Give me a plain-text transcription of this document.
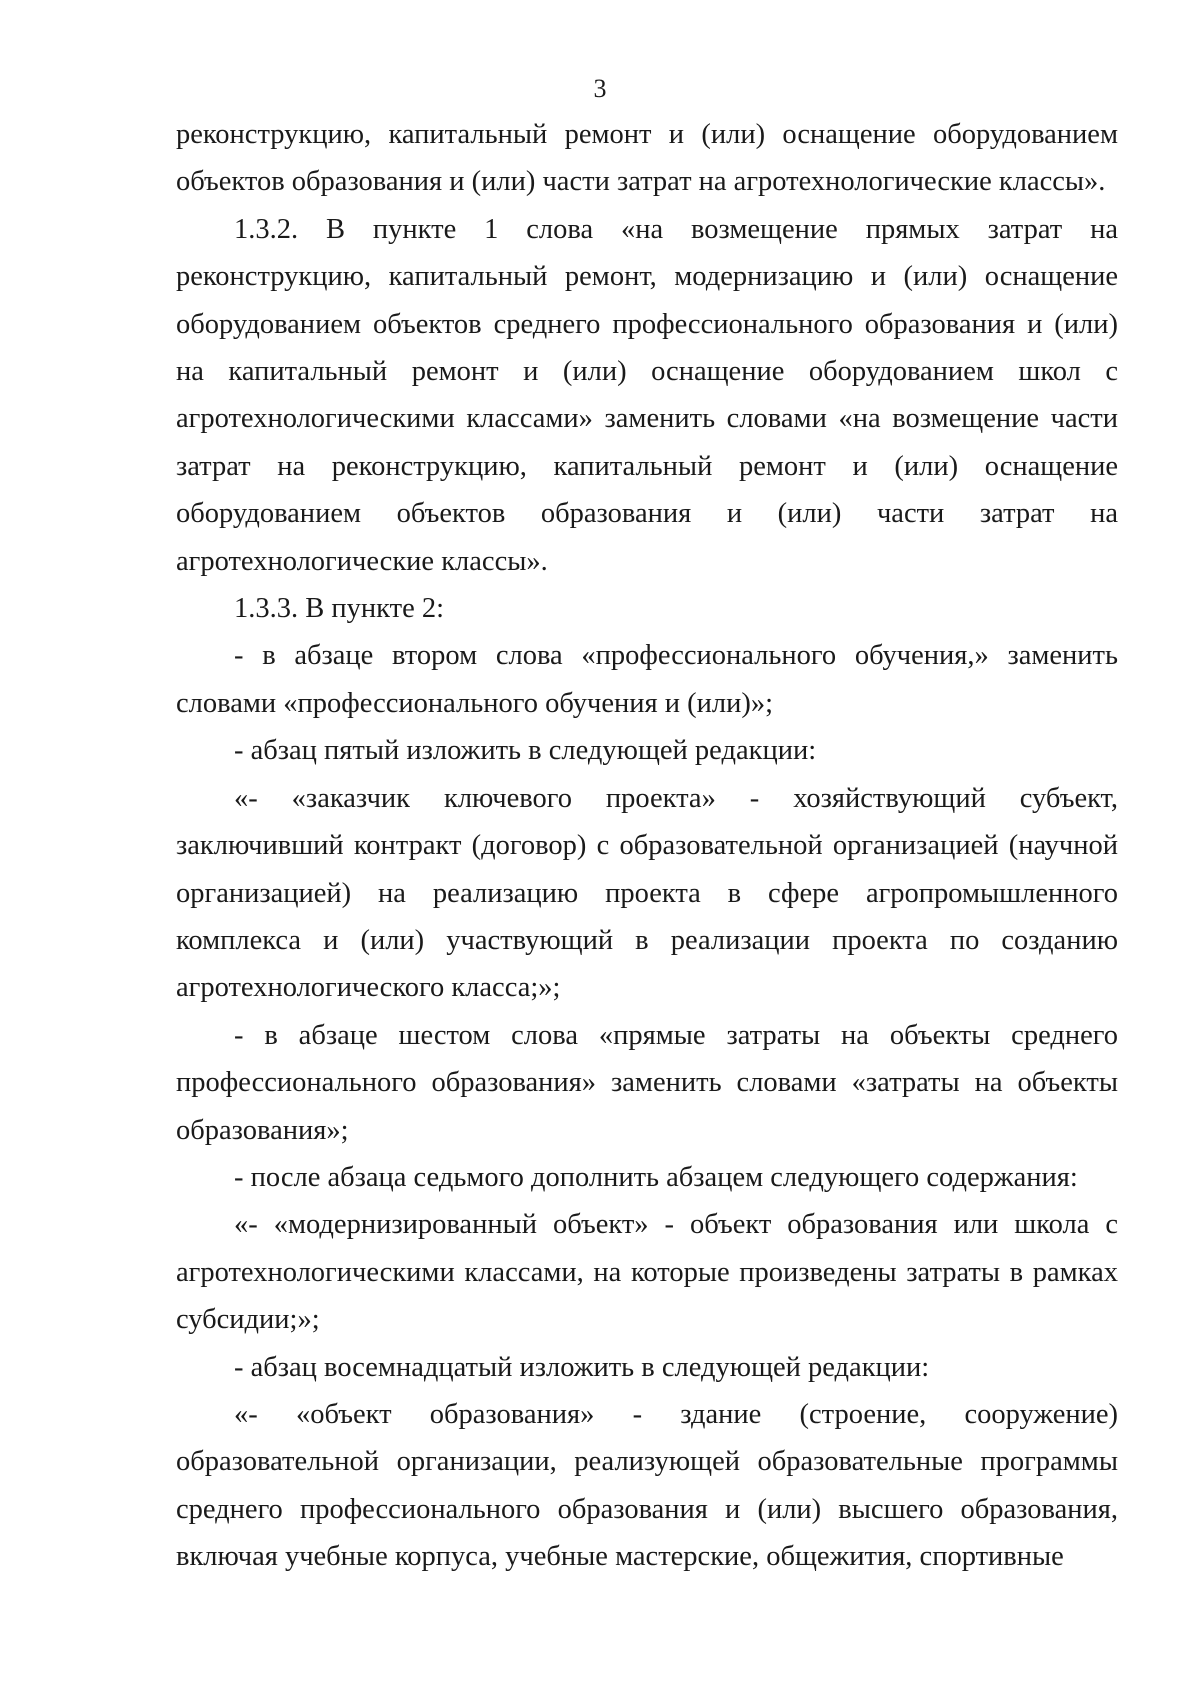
3

реконструкцию, капитальный ремонт и (или) оснащение оборудованием объектов образования и (или) части затрат на агротехнологические классы».

1.3.2. В пункте 1 слова «на возмещение прямых затрат на реконструкцию, капитальный ремонт, модернизацию и (или) оснащение оборудованием объектов среднего профессионального образования и (или) на капитальный ремонт и (или) оснащение оборудованием школ с агротехнологическими классами» заменить словами «на возмещение части затрат на реконструкцию, капитальный ремонт и (или) оснащение оборудованием объектов образования и (или) части затрат на агротехнологические классы».

1.3.3. В пункте 2:

- в абзаце втором слова «профессионального обучения,» заменить словами «профессионального обучения и (или)»;

- абзац пятый изложить в следующей редакции:

«- «заказчик ключевого проекта» - хозяйствующий субъект, заключивший контракт (договор) с образовательной организацией (научной организацией) на реализацию проекта в сфере агропромышленного комплекса и (или) участвующий в реализации проекта по созданию агротехнологического класса;»;

- в абзаце шестом слова «прямые затраты на объекты среднего профессионального образования» заменить словами «затраты на объекты образования»;

- после абзаца седьмого дополнить абзацем следующего содержания:

«- «модернизированный объект» - объект образования или школа с агротехнологическими классами, на которые произведены затраты в рамках субсидии;»;

- абзац восемнадцатый изложить в следующей редакции:

«- «объект образования» - здание (строение, сооружение) образовательной организации, реализующей образовательные программы среднего профессионального образования и (или) высшего образования, включая учебные корпуса, учебные мастерские, общежития, спортивные
